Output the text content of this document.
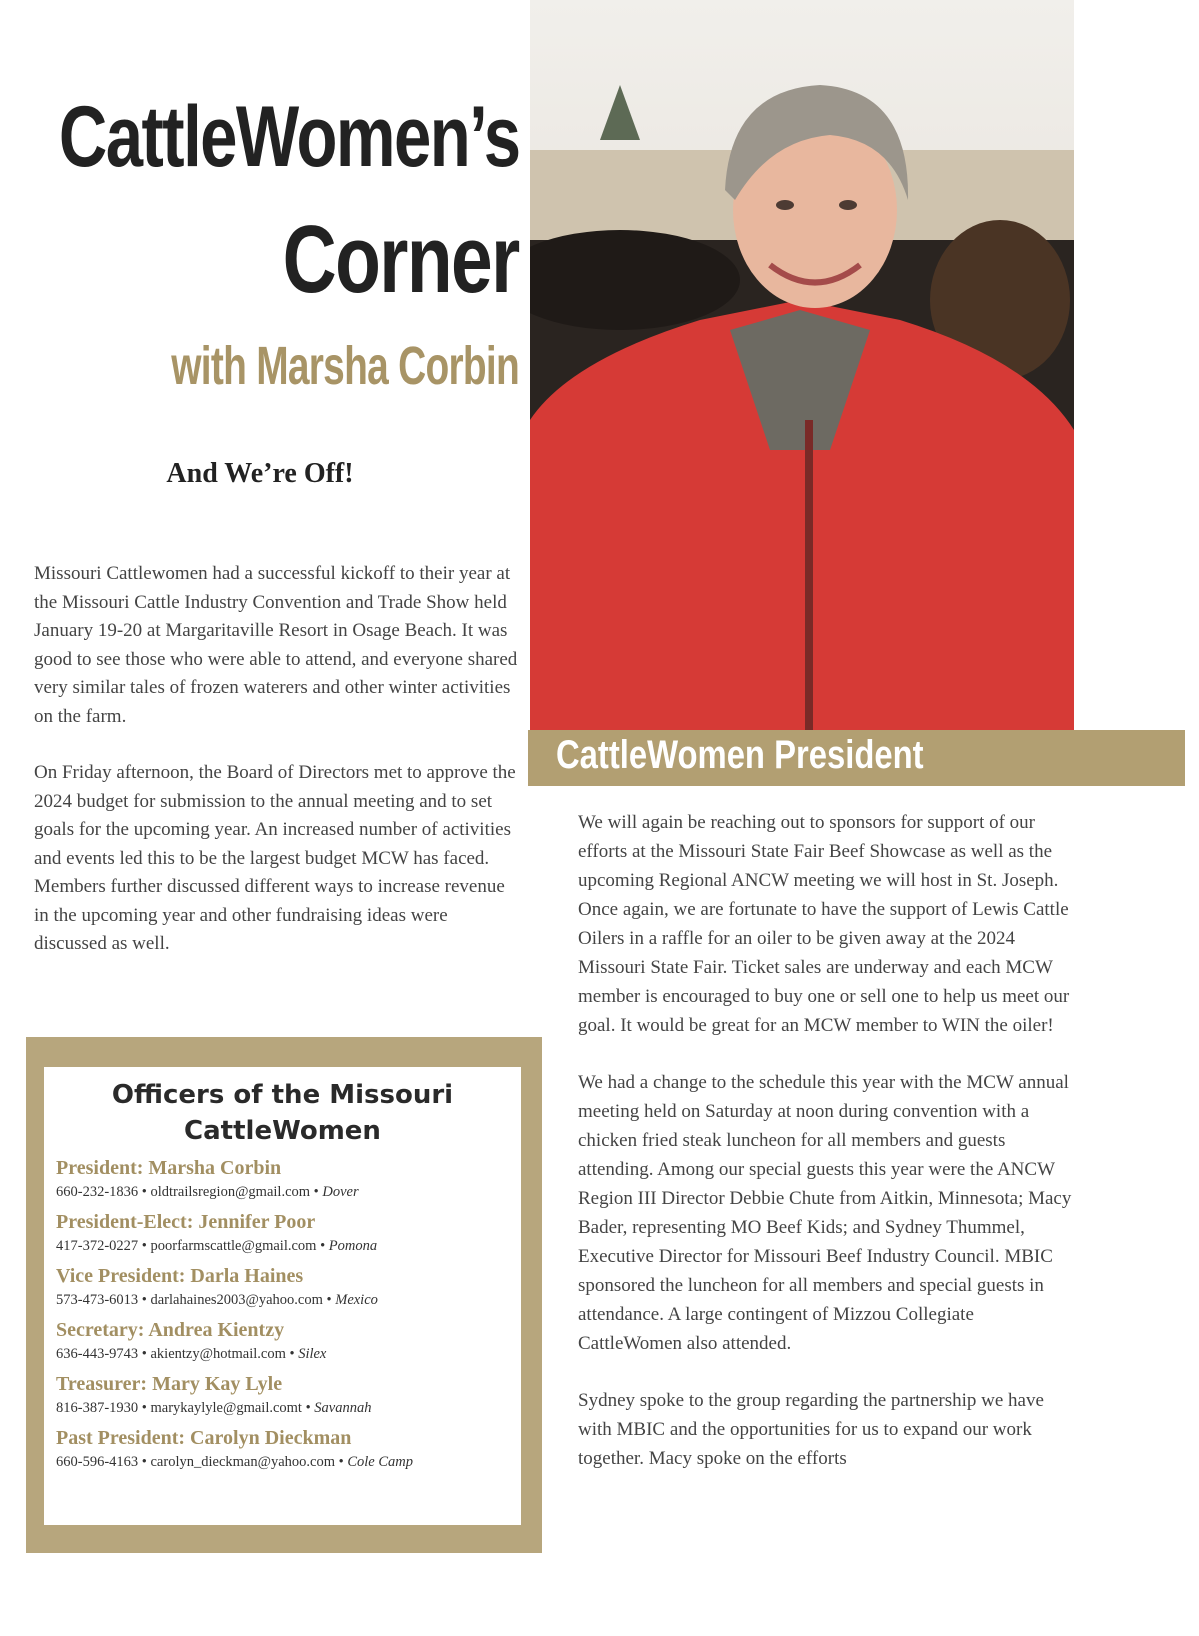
CattleWomen’s
Corner
with Marsha Corbin
And We’re Off!

Missouri Cattlewomen had a successful kickoff to their year at the Missouri Cattle Industry Convention and Trade Show held January 19-20 at Margaritaville Resort in Osage Beach. It was good to see those who were able to attend, and everyone shared very similar tales of frozen waterers and other winter activities on the farm.

On Friday afternoon, the Board of Directors met to approve the 2024 budget for submission to the annual meeting and to set goals for the upcoming year. An increased number of activities and events led this to be the largest budget MCW has faced. Members further discussed different ways to increase revenue in the upcoming year and other fundraising ideas were discussed as well.

CattleWomen President

We will again be reaching out to sponsors for support of our efforts at the Missouri State Fair Beef Showcase as well as the upcoming Regional ANCW meeting we will host in St. Joseph. Once again, we are fortunate to have the support of Lewis Cattle Oilers in a raffle for an oiler to be given away at the 2024 Missouri State Fair. Ticket sales are underway and each MCW member is encouraged to buy one or sell one to help us meet our goal. It would be great for an MCW member to WIN the oiler!

We had a change to the schedule this year with the MCW annual meeting held on Saturday at noon during convention with a chicken fried steak luncheon for all members and guests attending. Among our special guests this year were the ANCW Region III Director Debbie Chute from Aitkin, Minnesota; Macy Bader, representing MO Beef Kids; and Sydney Thummel, Executive Director for Missouri Beef Industry Council. MBIC sponsored the luncheon for all members and special guests in attendance. A large contingent of Mizzou Collegiate CattleWomen also attended.

Sydney spoke to the group regarding the partnership we have with MBIC and the opportunities for us to expand our work together. Macy spoke on the efforts

Officers of the Missouri
CattleWomen
President: Marsha Corbin
660-232-1836 • oldtrailsregion@gmail.com • Dover
President-Elect: Jennifer Poor
417-372-0227 • poorfarmscattle@gmail.com • Pomona
Vice President: Darla Haines
573-473-6013 • darlahaines2003@yahoo.com • Mexico
Secretary: Andrea Kientzy
636-443-9743 • akientzy@hotmail.com • Silex
Treasurer: Mary Kay Lyle
816-387-1930 • marykaylyle@gmail.comt • Savannah
Past President: Carolyn Dieckman
660-596-4163 • carolyn_dieckman@yahoo.com • Cole Camp
